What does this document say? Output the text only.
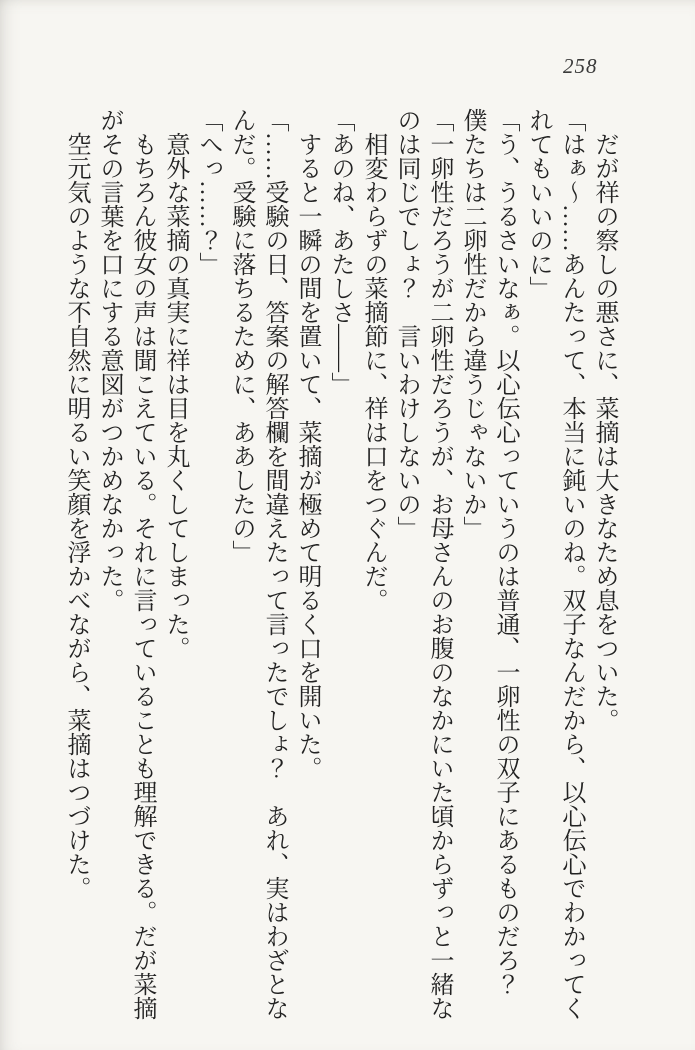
258

だが祥の察しの悪さに、菜摘は大きなため息をついた。

「はぁ～……あんたって、本当に鈍いのね。双子なんだから、以心伝心でわかってくれてもいいのに」

「う、うるさいなぁ。以心伝心っていうのは普通、一卵性の双子にあるものだろ？　僕たちは二卵性だから違うじゃないか」

「一卵性だろうが二卵性だろうが、お母さんのお腹のなかにいた頃からずっと一緒なのは同じでしょ？　言いわけしないの」

相変わらずの菜摘節に、祥は口をつぐんだ。

「あのね、あたしさ――」

すると一瞬の間を置いて、菜摘が極めて明るく口を開いた。

「……受験の日、答案の解答欄を間違えたって言ったでしょ？　あれ、実はわざとなんだ。受験に落ちるために、ああしたの」

「へっ……？」

意外な菜摘の真実に祥は目を丸くしてしまった。

もちろん彼女の声は聞こえている。それに言っていることも理解できる。だが菜摘がその言葉を口にする意図がつかめなかった。

空元気のような不自然に明るい笑顔を浮かべながら、菜摘はつづけた。
